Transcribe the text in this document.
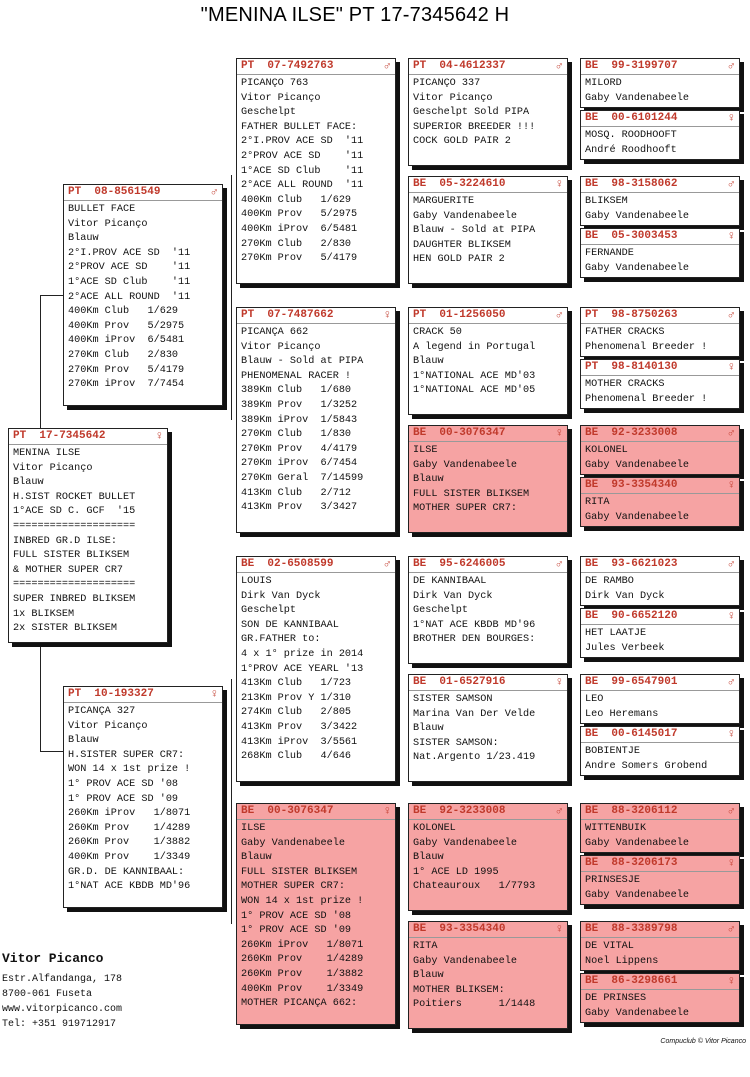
"MENINA ILSE" PT 17-7345642 H
PT 17-7345642	♀
MENINA ILSE
Vitor Picanço
Blauw
H.SIST ROCKET BULLET
1°ACE SD C. GCF  '15
====================
INBRED GR.D ILSE:
FULL SISTER BLIKSEM
& MOTHER SUPER CR7
====================
SUPER INBRED BLIKSEM
1x BLIKSEM
2x SISTER BLIKSEM
PT 08-8561549	♂
BULLET FACE
Vitor Picanço
Blauw
2°I.PROV ACE SD  '11
2°PROV ACE SD    '11
1°ACE SD Club    '11
2°ACE ALL ROUND  '11
400Km Club   1/629
400Km Prov   5/2975
400Km iProv  6/5481
270Km Club   2/830
270Km Prov   5/4179
270Km iProv  7/7454
PT 10-193327	♀
PICANÇA 327
Vitor Picanço
Blauw
H.SISTER SUPER CR7:
WON 14 x 1st prize !
1° PROV ACE SD '08
1° PROV ACE SD '09
260Km iProv   1/8071
260Km Prov    1/4289
260Km Prov    1/3882
400Km Prov    1/3349
GR.D. DE KANNIBAAL:
1°NAT ACE KBDB MD'96
PT 07-7492763	♂
PICANÇO 763
Vitor Picanço
Geschelpt
FATHER BULLET FACE:
2°I.PROV ACE SD  '11
2°PROV ACE SD    '11
1°ACE SD Club    '11
2°ACE ALL ROUND  '11
400Km Club   1/629
400Km Prov   5/2975
400Km iProv  6/5481
270Km Club   2/830
270Km Prov   5/4179
PT 07-7487662	♀
PICANÇA 662
Vitor Picanço
Blauw - Sold at PIPA
PHENOMENAL RACER !
389Km Club   1/680
389Km Prov   1/3252
389Km iProv  1/5843
270Km Club   1/830
270Km Prov   4/4179
270Km iProv  6/7454
270Km Geral  7/14599
413Km Club   2/712
413Km Prov   3/3427
BE 02-6508599	♂
LOUIS
Dirk Van Dyck
Geschelpt
SON DE KANNIBAAL
GR.FATHER to:
4 x 1° prize in 2014
1°PROV ACE YEARL '13
413Km Club   1/723
213Km Prov Y 1/310
274Km Club   2/805
413Km Prov   3/3422
413Km iProv  3/5561
268Km Club   4/646
BE 00-3076347	♀
ILSE
Gaby Vandenabeele
Blauw
FULL SISTER BLIKSEM
MOTHER SUPER CR7:
WON 14 x 1st prize !
1° PROV ACE SD '08
1° PROV ACE SD '09
260Km iProv   1/8071
260Km Prov    1/4289
260Km Prov    1/3882
400Km Prov    1/3349
MOTHER PICANÇA 662:
PT 04-4612337	♂
PICANÇO 337
Vitor Picanço
Geschelpt Sold PIPA
SUPERIOR BREEDER !!!
COCK GOLD PAIR 2
BE 05-3224610	♀
MARGUERITE
Gaby Vandenabeele
Blauw - Sold at PIPA
DAUGHTER BLIKSEM
HEN GOLD PAIR 2
PT 01-1256050	♂
CRACK 50
A legend in Portugal
Blauw
1°NATIONAL ACE MD'03
1°NATIONAL ACE MD'05
BE 00-3076347	♀
ILSE
Gaby Vandenabeele
Blauw
FULL SISTER BLIKSEM
MOTHER SUPER CR7:
BE 95-6246005	♂
DE KANNIBAAL
Dirk Van Dyck
Geschelpt
1°NAT ACE KBDB MD'96
BROTHER DEN BOURGES:
BE 01-6527916	♀
SISTER SAMSON
Marina Van Der Velde
Blauw
SISTER SAMSON:
Nat.Argento 1/23.419
BE 92-3233008	♂
KOLONEL
Gaby Vandenabeele
Blauw
1° ACE LD 1995
Chateauroux   1/7793
BE 93-3354340	♀
RITA
Gaby Vandenabeele
Blauw
MOTHER BLIKSEM:
Poitiers      1/1448
BE 99-3199707	♂
MILORD
Gaby Vandenabeele
BE 00-6101244	♀
MOSQ. ROODHOOFT
André Roodhooft
BE 98-3158062	♂
BLIKSEM
Gaby Vandenabeele
BE 05-3003453	♀
FERNANDE
Gaby Vandenabeele
PT 98-8750263	♂
FATHER CRACKS
Phenomenal Breeder !
PT 98-8140130	♀
MOTHER CRACKS
Phenomenal Breeder !
BE 92-3233008	♂
KOLONEL
Gaby Vandenabeele
BE 93-3354340	♀
RITA
Gaby Vandenabeele
BE 93-6621023	♂
DE RAMBO
Dirk Van Dyck
BE 90-6652120	♀
HET LAATJE
Jules Verbeek
BE 99-6547901	♂
LEO
Leo Heremans
BE 00-6145017	♀
BOBIENTJE
Andre Somers Grobend
BE 88-3206112	♂
WITTENBUIK
Gaby Vandenabeele
BE 88-3206173	♀
PRINSESJE
Gaby Vandenabeele
BE 88-3389798	♂
DE VITAL
Noel Lippens
BE 86-3298661	♀
DE PRINSES
Gaby Vandenabeele
Vitor Picanco
Estr.Alfandanga, 178
8700-061 Fuseta
www.vitorpicanco.com
Tel: +351 919712917
Compuclub © Vitor Picanco
